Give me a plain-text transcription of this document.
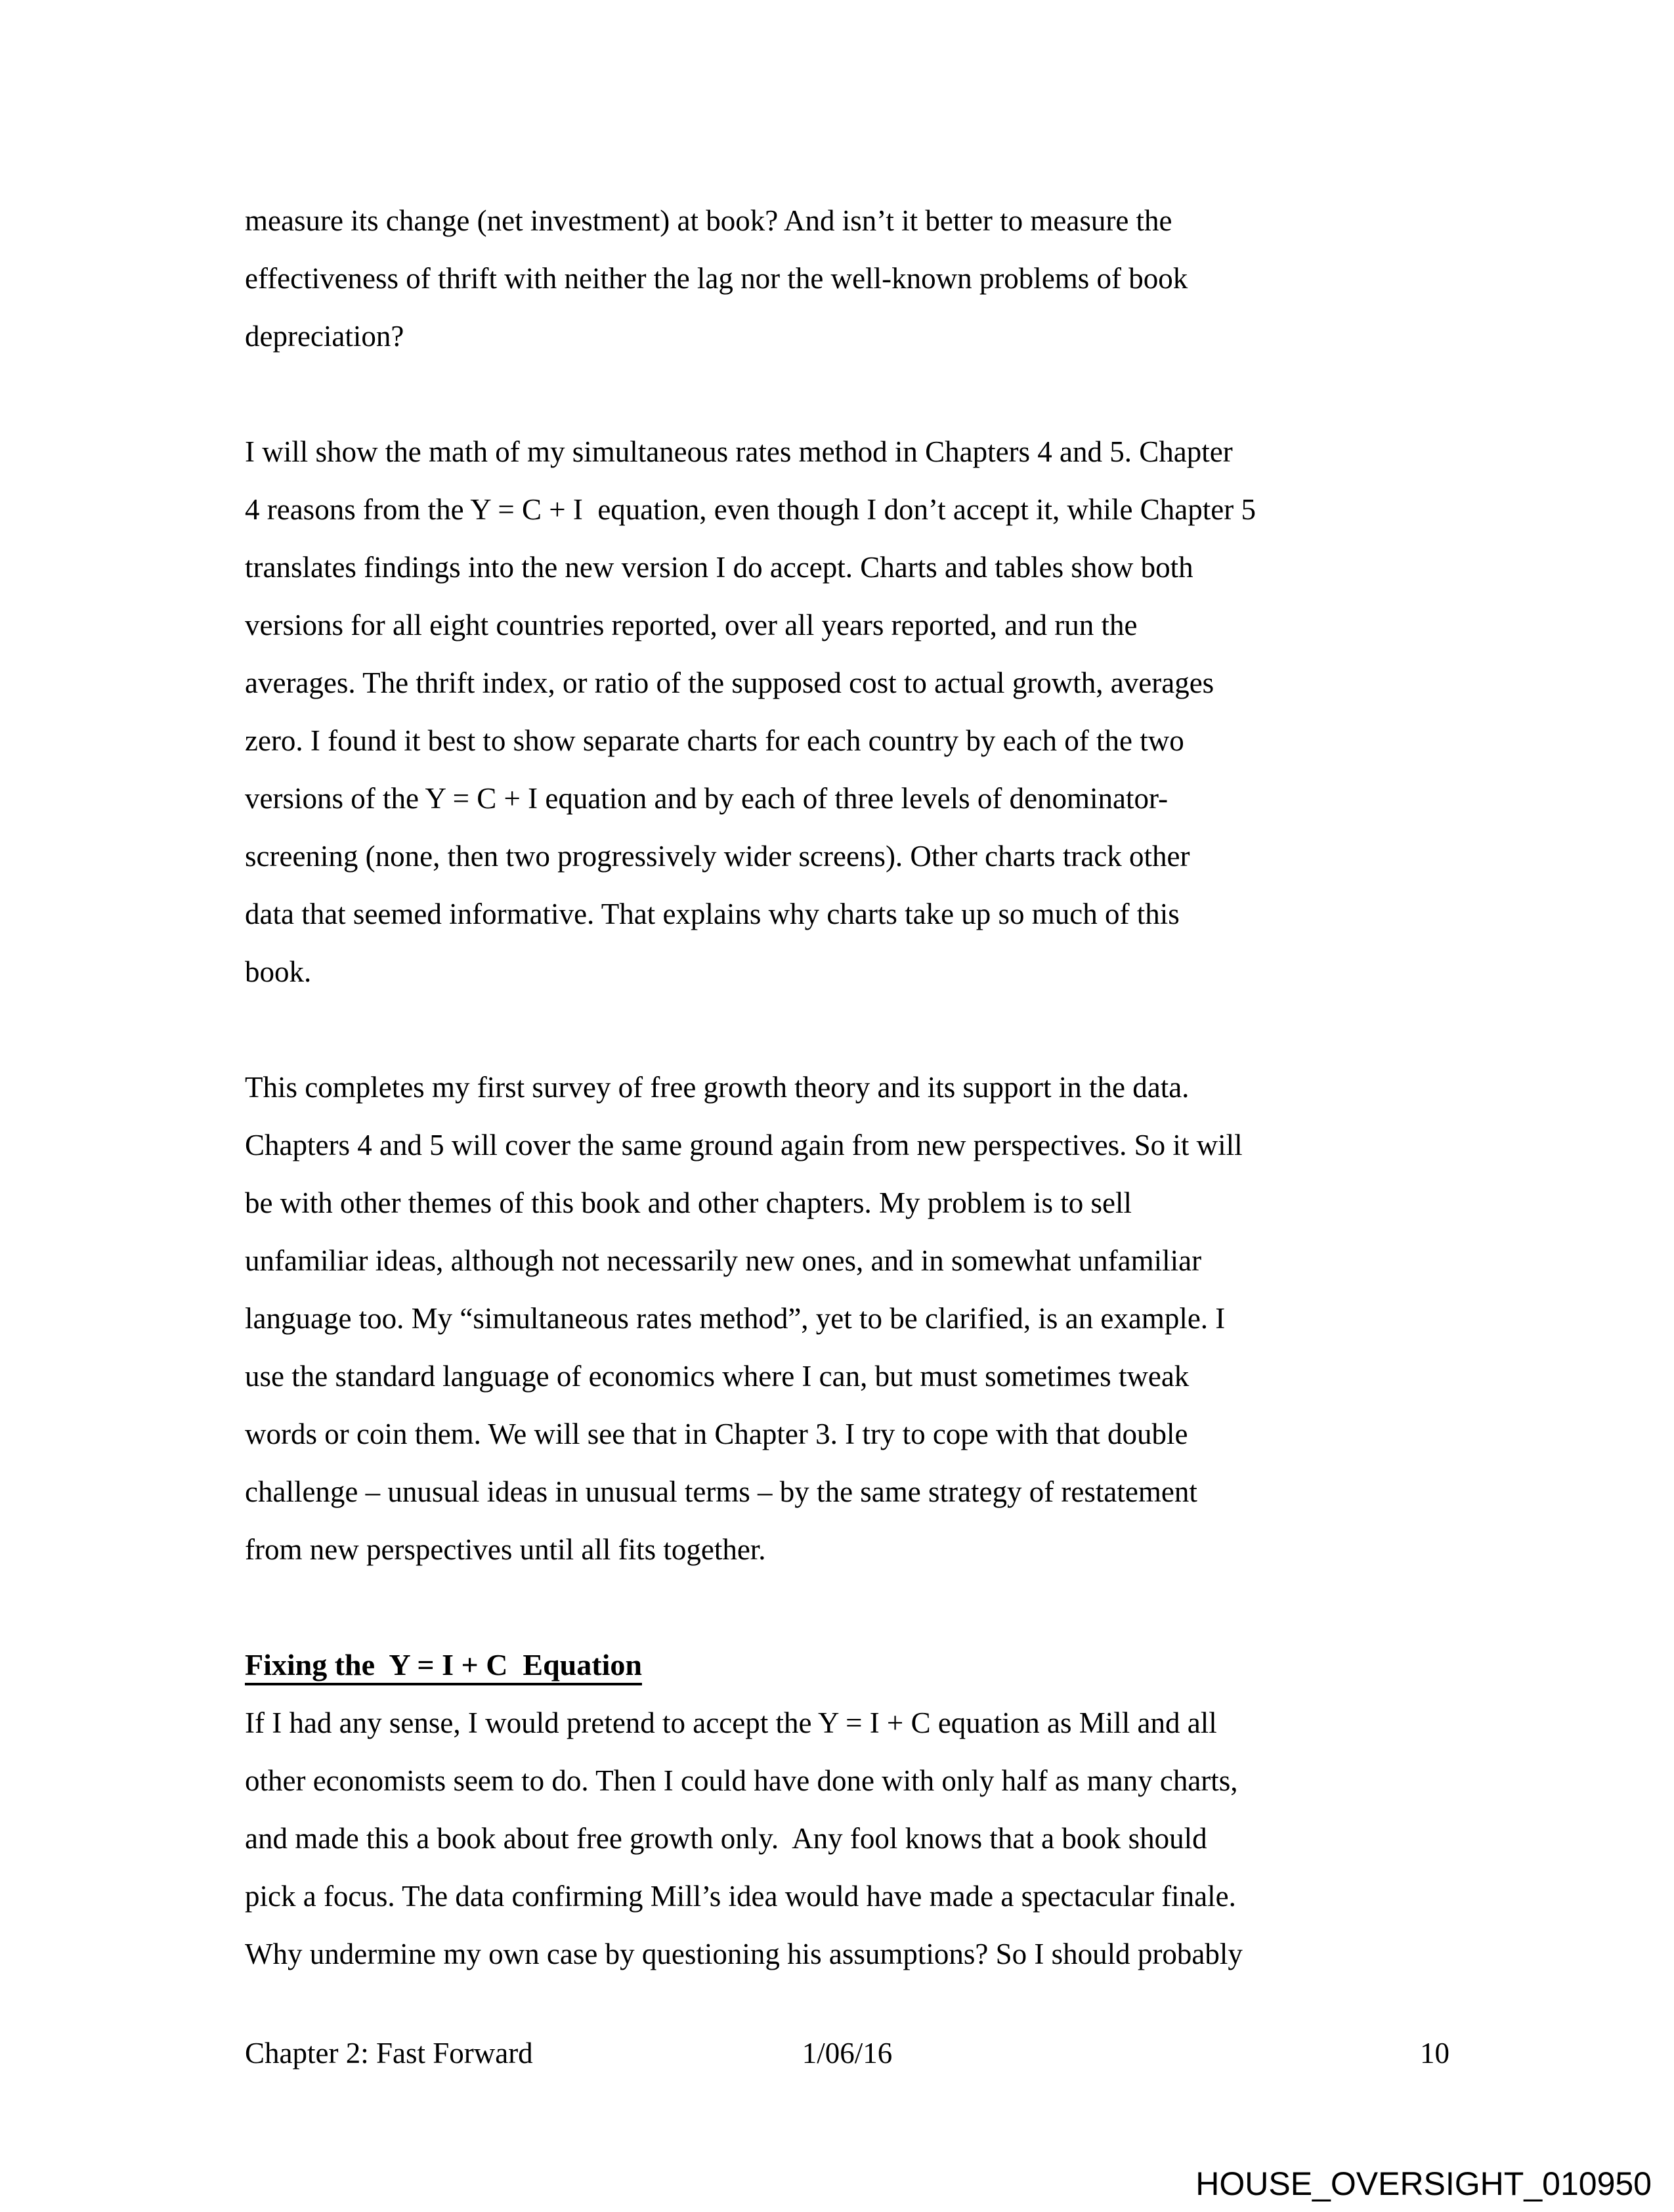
measure its change (net investment) at book? And isn’t it better to measure the
effectiveness of thrift with neither the lag nor the well-known problems of book
depreciation?
I will show the math of my simultaneous rates method in Chapters 4 and 5. Chapter
4 reasons from the Y = C + I  equation, even though I don’t accept it, while Chapter 5
translates findings into the new version I do accept. Charts and tables show both
versions for all eight countries reported, over all years reported, and run the
averages. The thrift index, or ratio of the supposed cost to actual growth, averages
zero. I found it best to show separate charts for each country by each of the two
versions of the Y = C + I equation and by each of three levels of denominator-
screening (none, then two progressively wider screens). Other charts track other
data that seemed informative. That explains why charts take up so much of this
book.
This completes my first survey of free growth theory and its support in the data.
Chapters 4 and 5 will cover the same ground again from new perspectives. So it will
be with other themes of this book and other chapters. My problem is to sell
unfamiliar ideas, although not necessarily new ones, and in somewhat unfamiliar
language too. My “simultaneous rates method”, yet to be clarified, is an example. I
use the standard language of economics where I can, but must sometimes tweak
words or coin them. We will see that in Chapter 3. I try to cope with that double
challenge – unusual ideas in unusual terms – by the same strategy of restatement
from new perspectives until all fits together.
Fixing the  Y = I + C  Equation
If I had any sense, I would pretend to accept the Y = I + C equation as Mill and all
other economists seem to do. Then I could have done with only half as many charts,
and made this a book about free growth only.  Any fool knows that a book should
pick a focus. The data confirming Mill’s idea would have made a spectacular finale.
Why undermine my own case by questioning his assumptions? So I should probably
Chapter 2: Fast Forward	1/06/16	10
HOUSE_OVERSIGHT_010950
